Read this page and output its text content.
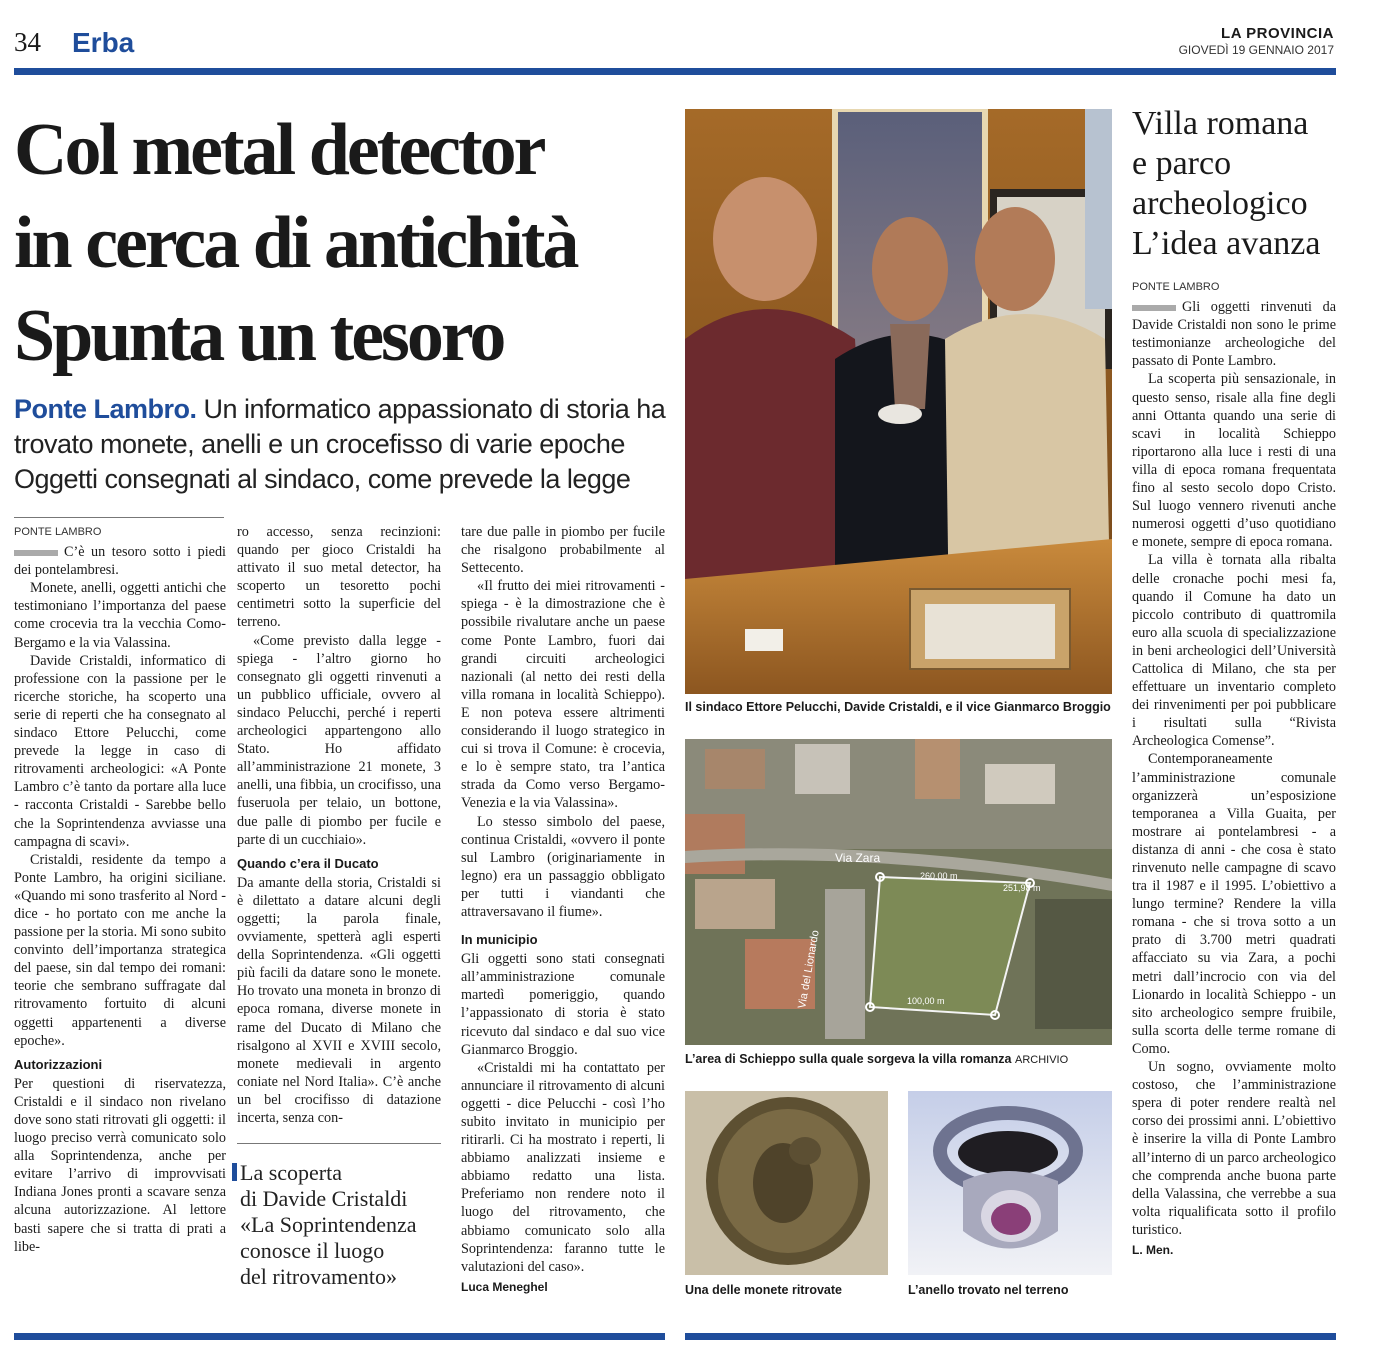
34 Erba	LA PROVINCIA
GIOVEDÌ 19 GENNAIO 2017
Col metal detector
in cerca di antichità
Spunta un tesoro
Ponte Lambro. Un informatico appassionato di storia ha trovato monete, anelli e un crocefisso di varie epoche Oggetti consegnati al sindaco, come prevede la legge
PONTE LAMBRO

C’è un tesoro sotto i piedi dei pontelambresi.

Monete, anelli, oggetti antichi che testimoniano l’importanza del paese come crocevia tra la vecchia Como-Bergamo e la via Valassina.

Davide Cristaldi, informatico di professione con la passione per le ricerche storiche, ha scoperto una serie di reperti che ha consegnato al sindaco Ettore Pelucchi, come prevede la legge in caso di ritrovamenti archeologici: «A Ponte Lambro c’è tanto da portare alla luce - racconta Cristaldi - Sarebbe bello che la Soprintendenza avviasse una campagna di scavi».

Cristaldi, residente da tempo a Ponte Lambro, ha origini siciliane. «Quando mi sono trasferito al Nord - dice - ho portato con me anche la passione per la storia. Mi sono subito convinto dell’importanza strategica del paese, sin dal tempo dei romani: teorie che sembrano suffragate dal ritrovamento fortuito di alcuni oggetti appartenenti a diverse epoche».

Autorizzazioni

Per questioni di riservatezza, Cristaldi e il sindaco non rivelano dove sono stati ritrovati gli oggetti: il luogo preciso verrà comunicato solo alla Soprintendenza, anche per evitare l’arrivo di improvvisati Indiana Jones pronti a scavare senza alcuna autorizzazione. Al lettore basti sapere che si tratta di prati a libe-

ro accesso, senza recinzioni: quando per gioco Cristaldi ha attivato il suo metal detector, ha scoperto un tesoretto pochi centimetri sotto la superficie del terreno.

«Come previsto dalla legge - spiega - l’altro giorno ho consegnato gli oggetti rinvenuti a un pubblico ufficiale, ovvero al sindaco Pelucchi, perché i reperti archeologici appartengono allo Stato. Ho affidato all’amministrazione 21 monete, 3 anelli, una fibbia, un crocifisso, una fuseruola per telaio, un bottone, due palle di piombo per fucile e parte di un cucchiaio».

Quando c’era il Ducato

Da amante della storia, Cristaldi si è dilettato a datare alcuni degli oggetti; la parola finale, ovviamente, spetterà agli esperti della Soprintendenza. «Gli oggetti più facili da datare sono le monete. Ho trovato una moneta in bronzo di epoca romana, diverse monete in rame del Ducato di Milano che risalgono al XVII e XVIII secolo, monete medievali in argento coniate nel Nord Italia». C’è anche un bel crocifisso di datazione incerta, senza con-

La scoperta
di Davide Cristaldi
«La Soprintendenza
conosce il luogo
del ritrovamento»

tare due palle in piombo per fucile che risalgono probabilmente al Settecento.

«Il frutto dei miei ritrovamenti - spiega - è la dimostrazione che è possibile rivalutare anche un paese come Ponte Lambro, fuori dai grandi circuiti archeologici nazionali (al netto dei resti della villa romana in località Schieppo). E non poteva essere altrimenti considerando il luogo strategico in cui si trova il Comune: è crocevia, e lo è sempre stato, tra l’antica strada da Como verso Bergamo-Venezia e la via Valassina».

Lo stesso simbolo del paese, continua Cristaldi, «ovvero il ponte sul Lambro (originariamente in legno) era un passaggio obbligato per tutti i viandanti che attraversavano il fiume».

In municipio

Gli oggetti sono stati consegnati all’amministrazione comunale martedì pomeriggio, quando l’appassionato di storia è stato ricevuto dal sindaco e dal suo vice Gianmarco Broggio.

«Cristaldi mi ha contattato per annunciare il ritrovamento di alcuni oggetti - dice Pelucchi - così l’ho subito invitato in municipio per ritirarli. Ci ha mostrato i reperti, li abbiamo analizzati insieme e abbiamo redatto una lista. Preferiamo non rendere noto il luogo del ritrovamento, che abbiamo comunicato solo alla Soprintendenza: faranno tutte le valutazioni del caso».

Luca Meneghel
Il sindaco Ettore Pelucchi, Davide Cristaldi, e il vice Gianmarco Broggio
Via Zara
260,00 m
251,98 m
100,00 m
Via del Lionardo
L’area di Schieppo sulla quale sorgeva la villa romanza ARCHIVIO
Una delle monete ritrovate	L’anello trovato nel terreno
Villa romana
e parco
archeologico
L’idea avanza
PONTE LAMBRO

Gli oggetti rinvenuti da Davide Cristaldi non sono le prime testimonianze archeologiche del passato di Ponte Lambro.

La scoperta più sensazionale, in questo senso, risale alla fine degli anni Ottanta quando una serie di scavi in località Schieppo riportarono alla luce i resti di una villa di epoca romana frequentata fino al sesto secolo dopo Cristo. Sul luogo vennero rivenuti anche numerosi oggetti d’uso quotidiano e monete, sempre di epoca romana.

La villa è tornata alla ribalta delle cronache pochi mesi fa, quando il Comune ha dato un piccolo contributo di quattromila euro alla scuola di specializzazione in beni archeologici dell’Università Cattolica di Milano, che sta per effettuare un inventario completo dei rinvenimenti per poi pubblicare i risultati sulla “Rivista Archeologica Comense”.

Contemporaneamente l’amministrazione comunale organizzerà un’esposizione temporanea a Villa Guaita, per mostrare ai pontelambresi - a distanza di anni - che cosa è stato rinvenuto nelle campagne di scavo tra il 1987 e il 1995. L’obiettivo a lungo termine? Rendere la villa romana - che si trova sotto a un prato di 3.700 metri quadrati affacciato su via Zara, a pochi metri dall’incrocio con via del Lionardo in località Schieppo - un sito archeologico sempre fruibile, sulla scorta delle terme romane di Como.

Un sogno, ovviamente molto costoso, che l’amministrazione spera di poter rendere realtà nel corso dei prossimi anni. L’obiettivo è inserire la villa di Ponte Lambro all’interno di un parco archeologico che comprenda anche buona parte della Valassina, che verrebbe a sua volta riqualificata sotto il profilo turistico.

L. Men.
